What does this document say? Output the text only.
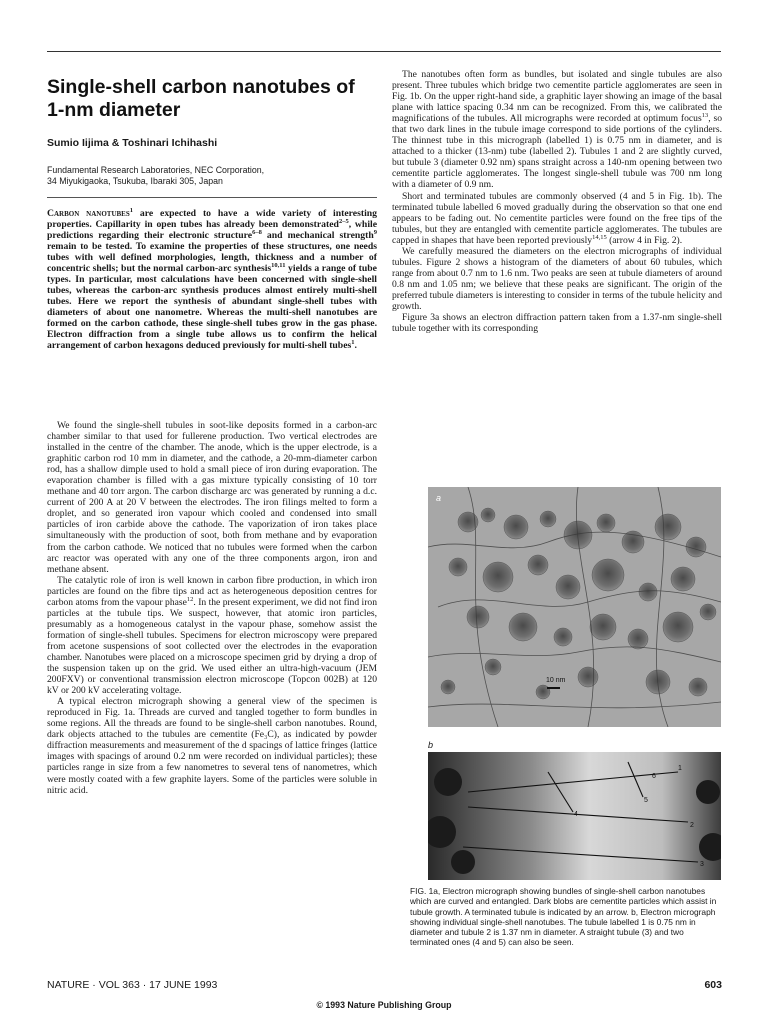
Single-shell carbon nanotubes of 1-nm diameter
Sumio Iijima & Toshinari Ichihashi
Fundamental Research Laboratories, NEC Corporation,
34 Miyukigaoka, Tsukuba, Ibaraki 305, Japan
Carbon nanotubes$^1$ are expected to have a wide variety of interesting properties. Capillarity in open tubes has already been demonstrated$^{2-5}$, while predictions regarding their electronic structure$^{6-8}$ and mechanical strength$^9$ remain to be tested. To examine the properties of these structures, one needs tubes with well defined morphologies, length, thickness and a number of concentric shells; but the normal carbon-arc synthesis$^{10,11}$ yields a range of tube types. In particular, most calculations have been concerned with single-shell tubes, whereas the carbon-arc synthesis produces almost entirely multi-shell tubes. Here we report the synthesis of abundant single-shell tubes with diameters of about one nanometre. Whereas the multi-shell nanotubes are formed on the carbon cathode, these single-shell tubes grow in the gas phase. Electron diffraction from a single tube allows us to confirm the helical arrangement of carbon hexagons deduced previously for multi-shell tubes$^1$.

We found the single-shell tubules in soot-like deposits formed in a carbon-arc chamber similar to that used for fullerene production. Two vertical electrodes are installed in the centre of the chamber. The anode, which is the upper electrode, is a graphitic carbon rod 10 mm in diameter, and the cathode, a 20-mm-diameter carbon rod, has a shallow dimple used to hold a small piece of iron during evaporation. The evaporation chamber is filled with a gas mixture typically consisting of 10 torr methane and 40 torr argon. The carbon discharge arc was generated by running a d.c. current of 200 A at 20 V between the electrodes. The iron filings melted to form a droplet, and so generated iron vapour which cooled and condensed into small particles of iron carbide above the cathode. The vaporization of iron takes place simultaneously with the production of soot, both from methane and by evaporation from the carbon cathode. We noticed that no tubules were formed when the carbon arc reactor was operated with any one of the three components argon, iron and methane absent.

The catalytic role of iron is well known in carbon fibre production, in which iron particles are found on the fibre tips and act as heterogeneous deposition centres for carbon atoms from the vapour phase$^{12}$. In the present experiment, we did not find iron particles at the tubule tips. We suspect, however, that atomic iron particles, presumably as a homogeneous catalyst in the vapour phase, somehow assist the formation of single-shell tubules. Specimens for electron microscopy were prepared from acetone suspensions of soot collected over the electrodes in the evaporation chamber. Nanotubes were placed on a microscope specimen grid by drying a drop of the suspension taken up on the grid. We used either an ultra-high-vacuum (JEM 200FXV) or conventional transmission electron microscope (Topcon 002B) at 120 kV or 200 kV accelerating voltage.

A typical electron micrograph showing a general view of the specimen is reproduced in Fig. 1a. Threads are curved and tangled together to form bundles in some regions. All the threads are found to be single-shell carbon nanotubes. Round, dark objects attached to the tubules are cementite (Fe₃C), as indicated by powder diffraction measurements and measurement of the d spacings of lattice fringes (lattice images with spacings of around 0.2 nm were recorded on individual particles); these particles range in size from a few nanometres to several tens of nanometres, which were mostly coated with a few graphite layers. Some of the particles were soluble in nitric acid.

The nanotubes often form as bundles, but isolated and single tubules are also present. Three tubules which bridge two cementite particle agglomerates are seen in Fig. 1b. On the upper right-hand side, a graphitic layer showing an image of the basal plane with lattice spacing 0.34 nm can be recognized. From this, we calibrated the magnifications of the tubules. All micrographs were recorded at optimum focus$^{13}$, so that two dark lines in the tubule image correspond to side portions of the cylinders. The thinnest tube in this micrograph (labelled 1) is 0.75 nm in diameter, and is attached to a thicker (13-nm) tube (labelled 2). Tubules 1 and 2 are slightly curved, but tubule 3 (diameter 0.92 nm) spans straight across a 140-nm opening between two cementite particle agglomerates. The longest single-shell tubule was 700 nm long with a diameter of 0.9 nm.

Short and terminated tubules are commonly observed (4 and 5 in Fig. 1b). The terminated tubule labelled 6 moved gradually during the observation so that one end appears to be fading out. No cementite particles were found on the free tips of the tubules, but they are entangled with cementite particle agglomerates. The tubules are capped in shapes that have been reported previously$^{14,15}$ (arrow 4 in Fig. 2).

We carefully measured the diameters on the electron micrographs of individual tubules. Figure 2 shows a histogram of the diameters of about 60 tubules, which range from about 0.7 nm to 1.6 nm. Two peaks are seen at tubule diameters of around 0.8 nm and 1.05 nm; we believe that these peaks are significant. The origin of the preferred tubule diameters is interesting to consider in terms of the tubule helicity and growth.

Figure 3a shows an electron diffraction pattern taken from a 1.37-nm single-shell tubule together with its corresponding

a
10 nm
b
1
2
3
4
5
6
FIG. 1a, Electron micrograph showing bundles of single-shell carbon nanotubes which are curved and entangled. Dark blobs are cementite particles which assist in tubule growth. A terminated tubule is indicated by an arrow. b, Electron micrograph showing individual single-shell nanotubes. The tubule labelled 1 is 0.75 nm in diameter and tubule 2 is 1.37 nm in diameter. A straight tubule (3) and two terminated ones (4 and 5) can also be seen.
NATURE · VOL 363 · 17 JUNE 1993	603
© 1993 Nature Publishing Group
